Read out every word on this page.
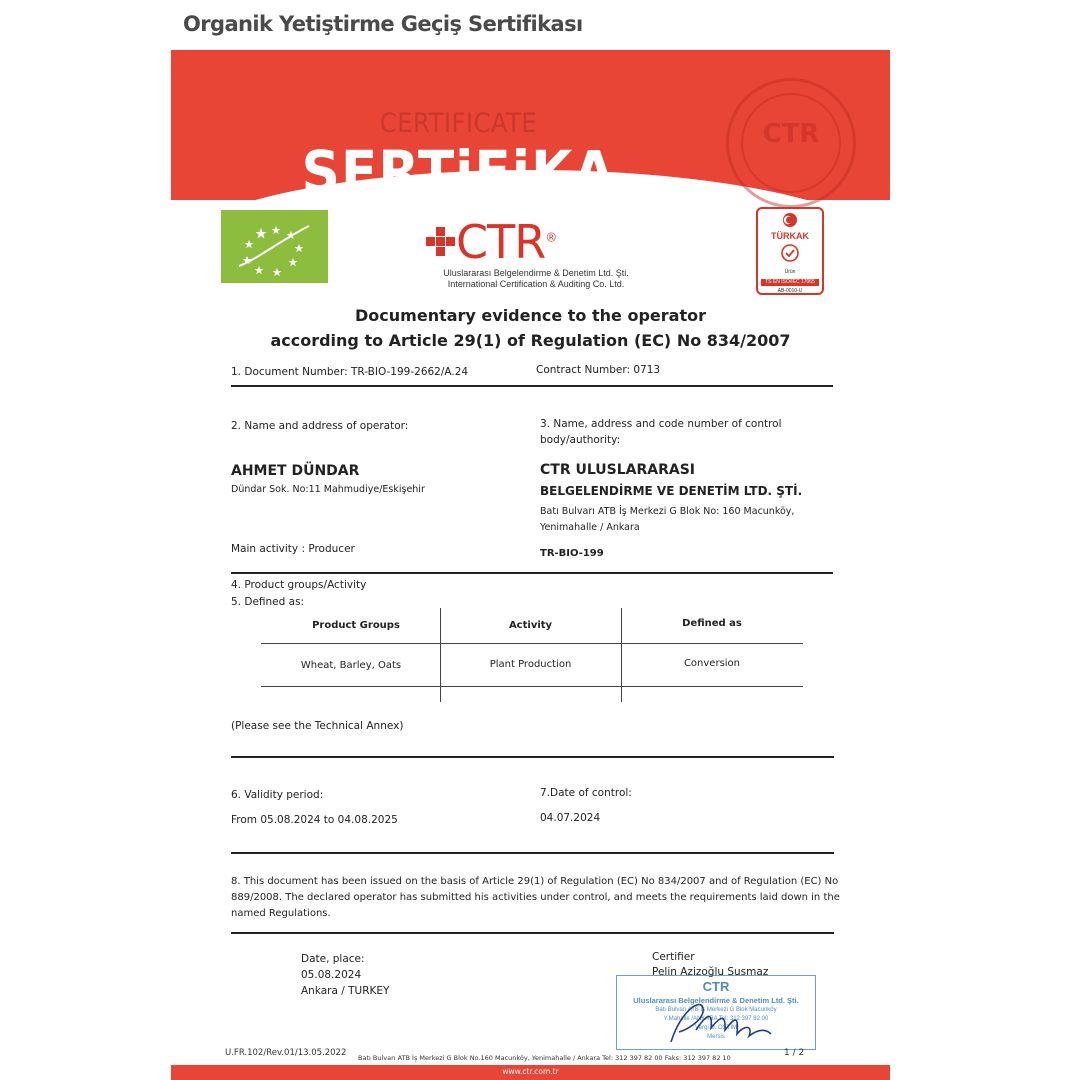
Organik Yetiştirme Geçiş Sertifikası
CTR
CERTIFICATE
SERTiFiKA
CTR®
Uluslararası Belgelendirme & Denetim Ltd. Şti.
International Certification & Auditing Co. Ltd.
TÜRKAK
Ürün
TS EN ISO/IEC 17065
AB-0010-U
Documentary evidence to the operator
according to Article 29(1) of Regulation (EC) No 834/2007
1. Document Number: TR-BIO-199-2662/A.24	Contract Number: 0713
2. Name and address of operator:	3. Name, address and code number of control
body/authority:
AHMET DÜNDAR
Dündar Sok. No:11 Mahmudiye/Eskişehir
CTR ULUSLARARASI
BELGELENDİRME VE DENETİM LTD. ŞTİ.
Batı Bulvarı ATB İş Merkezi G Blok No: 160 Macunköy,
Yenimahalle / Ankara
Main activity : Producer	TR-BIO-199
4. Product groups/Activity
5. Defined as:
Product Groups	Activity	Defined as
Wheat, Barley, Oats	Plant Production	Conversion
(Please see the Technical Annex)
6. Validity period:	7.Date of control:
From 05.08.2024 to 04.08.2025	04.07.2024
8. This document has been issued on the basis of Article 29(1) of Regulation (EC) No 834/2007 and of Regulation (EC) No
889/2008. The declared operator has submitted his activities under control, and meets the requirements laid down in the
named Regulations.
Date, place:
05.08.2024
Ankara / TURKEY
Certifier
Pelin Azizoğlu Susmaz
CTR
Uluslararası Belgelendirme & Denetim Ltd. Şti.
Batı Bulvarı ATB İş Merkezi G Blok Macunköy
Y.Mahalle /ANKARA Tel: 312 397 82 00
Vergi D. OSTİM
Mersis
Pelin
U.FR.102/Rev.01/13.05.2022 Batı Bulvarı ATB İş Merkezi G Blok No.160 Macunköy, Yenimahalle / Ankara Tel: 312 397 82 00 Faks: 312 397 82 10	1 / 2
www.ctr.com.tr
